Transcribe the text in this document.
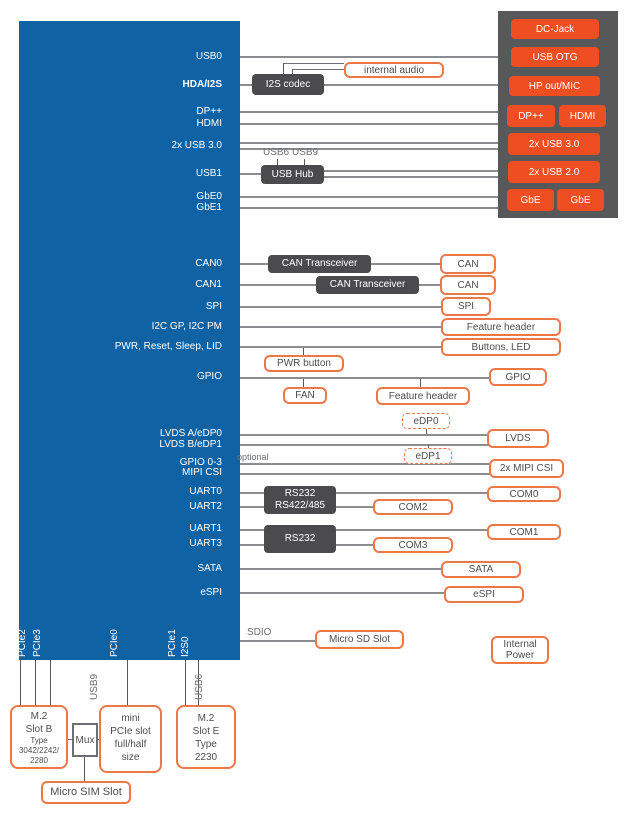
USB0
HDA/I2S
DP++
HDMI
2x USB 3.0
USB1
GbE0
GbE1
CAN0
CAN1
SPI
I2C GP, I2C PM
PWR, Reset, Sleep, LID
GPIO
LVDS A/eDP0
LVDS B/eDP1
GPIO 0-3
MIPI CSI
UART0
UART2
UART1
UART3
SATA
eSPI
USB4 PCIe2 PCIe3	PCIe0	PCIe1 I2S0
USB9	USB6
USB6 USB9
optional
SDIO
I2S codec
USB Hub
CAN Transceiver
CAN Transceiver
RS232
RS422/485
RS232
internal audio
CAN
CAN
SPI
Feature header
Buttons, LED
PWR button
GPIO
FAN	Feature header
eDP0
LVDS
eDP1
2x MIPI CSI
COM0
COM2
COM1
COM3
SATA
eSPI
Micro SD Slot	Internal
Power
Micro SIM Slot
M.2
Slot B
Type
3042/2242/
2280
Mux
mini
PCIe slot
full/half
size
M.2
Slot E
Type
2230
DC-Jack
USB OTG
HP out/MIC
DP++	HDMI
2x USB 3.0
2x USB 2.0
GbE	GbE
